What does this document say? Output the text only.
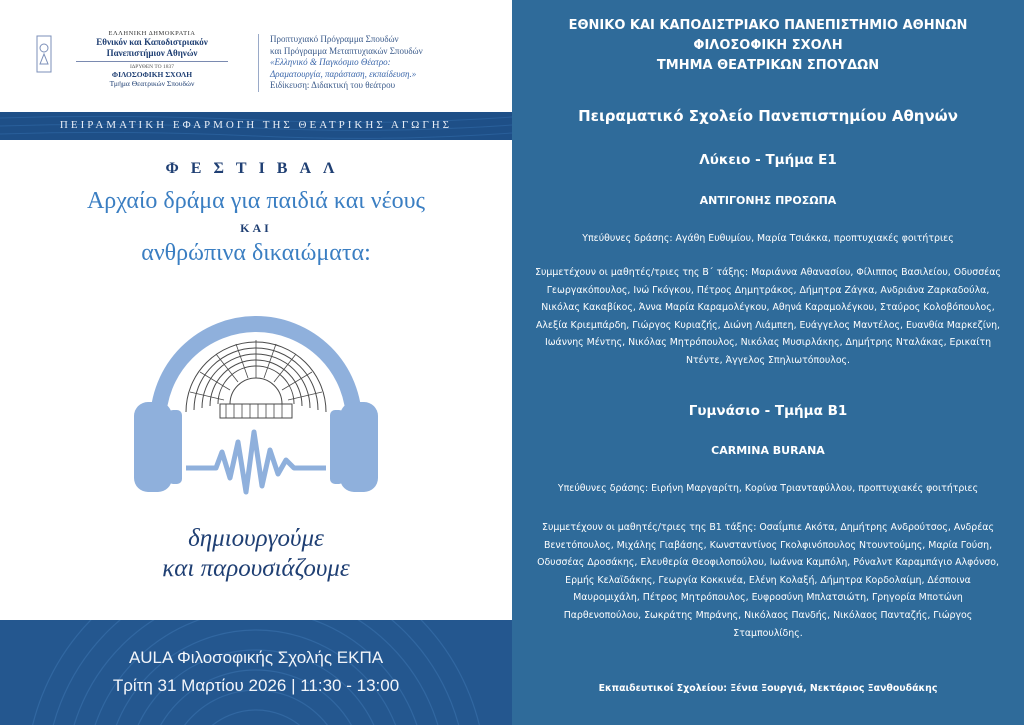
ΕΛΛΗΝΙΚΗ ΔΗΜΟΚΡΑΤΙΑ
Εθνικόν και Καποδιστριακόν
Πανεπιστήμιον Αθηνών
ΙΔΡΥΘΕΝ ΤΟ 1837
ΦΙΛΟΣΟΦΙΚΗ ΣΧΟΛΗ
Τμήμα Θεατρικών Σπουδών
Προπτυχιακό Πρόγραμμα Σπουδών
και Πρόγραμμα Μεταπτυχιακών Σπουδών
«Ελληνικό & Παγκόσμιο Θέατρο:
Δραματουργία, παράσταση, εκπαίδευση.»
Ειδίκευση: Διδακτική του θεάτρου
ΠΕΙΡΑΜΑΤΙΚΗ ΕΦΑΡΜΟΓΗ ΤΗΣ ΘΕΑΤΡΙΚΗΣ ΑΓΩΓΗΣ
ΦΕΣΤΙΒΑΛ
Αρχαίο δράμα για παιδιά και νέους
ΚΑΙ
ανθρώπινα δικαιώματα:
δημιουργούμε
και παρουσιάζουμε
AULA Φιλοσοφικής Σχολής ΕΚΠΑ
Τρίτη 31 Μαρτίου 2026 | 11:30 - 13:00
ΕΘΝΙΚΟ ΚΑΙ ΚΑΠΟΔΙΣΤΡΙΑΚΟ ΠΑΝΕΠΙΣΤΗΜΙΟ ΑΘΗΝΩΝ
ΦΙΛΟΣΟΦΙΚΗ ΣΧΟΛΗ
ΤΜΗΜΑ ΘΕΑΤΡΙΚΩΝ ΣΠΟΥΔΩΝ
Πειραματικό Σχολείο Πανεπιστημίου Αθηνών
Λύκειο - Τμήμα Ε1
ΑΝΤΙΓΟΝΗΣ ΠΡΟΣΩΠΑ
Υπεύθυνες δράσης: Αγάθη Ευθυμίου, Μαρία Τσιάκκα, προπτυχιακές φοιτήτριες
Συμμετέχουν οι μαθητές/τριες της Β΄ τάξης: Μαριάννα Αθανασίου, Φίλιππος Βασιλείου, Οδυσσέας Γεωργακόπουλος, Ινώ Γκόγκου, Πέτρος Δημητράκος, Δήμητρα Ζάγκα, Ανδριάνα Ζαρκαδούλα, Νικόλας Κακαβίκος, Άννα Μαρία Καραμολέγκου, Αθηνά Καραμολέγκου, Σταύρος Κολοβόπουλος, Αλεξία Κριεμπάρδη, Γιώργος Κυριαζής, Διώνη Λιάμπεη, Ευάγγελος Μαντέλος, Ευανθία Μαρκεζίνη, Ιωάννης Μέντης, Νικόλας Μητρόπουλος, Νικόλας Μυσιρλάκης, Δημήτρης Νταλάκας, Ερικαίτη Ντέντε, Άγγελος Σπηλιωτόπουλος.
Γυμνάσιο - Τμήμα Β1
CARMINA BURANA
Υπεύθυνες δράσης: Ειρήνη Μαργαρίτη, Κορίνα Τριανταφύλλου, προπτυχιακές φοιτήτριες
Συμμετέχουν οι μαθητές/τριες της Β1 τάξης: Οσαΐμπιε Ακότα, Δημήτρης Ανδρούτσος, Ανδρέας Βενετόπουλος, Μιχάλης Γιαβάσης, Κωνσταντίνος Γκολφινόπουλος Ντουντούμης, Μαρία Γούση, Οδυσσέας Δροσάκης, Ελευθερία Θεοφιλοπούλου, Ιωάννα Καμπόλη, Ρόναλντ Καραμπάγιο Αλφόνσο, Ερμής Κελαϊδάκης, Γεωργία Κοκκινέα, Ελένη Κολαξή, Δήμητρα Κορδολαίμη, Δέσποινα Μαυρομιχάλη, Πέτρος Μητρόπουλος, Ευφροσύνη Μπλατσιώτη, Γρηγορία Μποτώνη Παρθενοπούλου, Σωκράτης Μπράνης, Νικόλαος Πανδής, Νικόλαος Πανταζής, Γιώργος Σταμπουλίδης.
Εκπαιδευτικοί Σχολείου: Ξένια Ξουργιά, Νεκτάριος Ξανθουδάκης
